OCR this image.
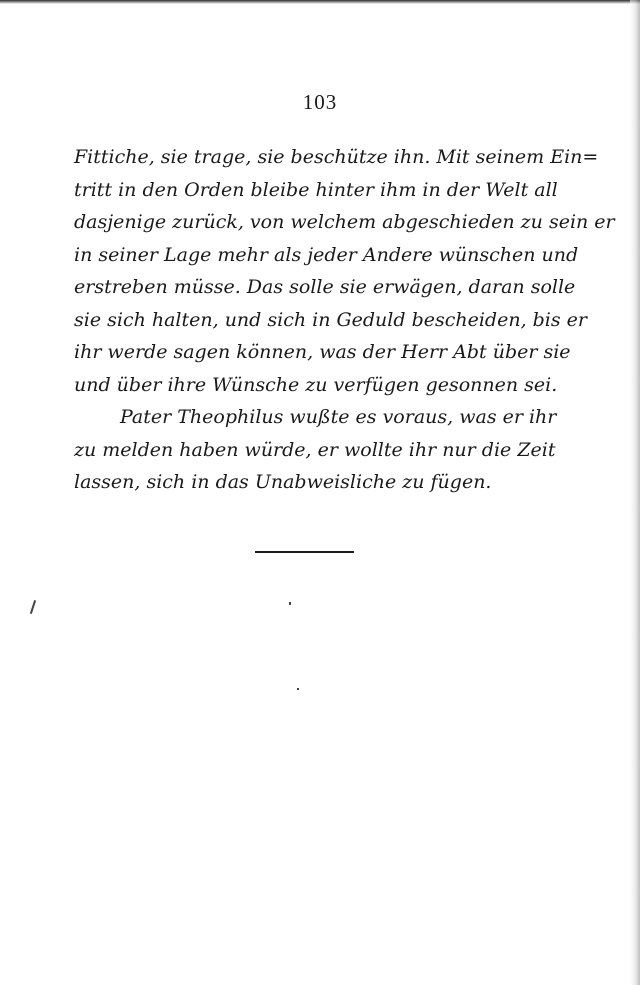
103
Fittiche, sie trage, sie beschütze ihn. Mit seinem Ein=
tritt in den Orden bleibe hinter ihm in der Welt all
dasjenige zurück, von welchem abgeschieden zu sein er
in seiner Lage mehr als jeder Andere wünschen und
erstreben müsse. Das solle sie erwägen, daran solle
sie sich halten, und sich in Geduld bescheiden, bis er
ihr werde sagen können, was der Herr Abt über sie
und über ihre Wünsche zu verfügen gesonnen sei.
Pater Theophilus wußte es voraus, was er ihr
zu melden haben würde, er wollte ihr nur die Zeit
lassen, sich in das Unabweisliche zu fügen.
